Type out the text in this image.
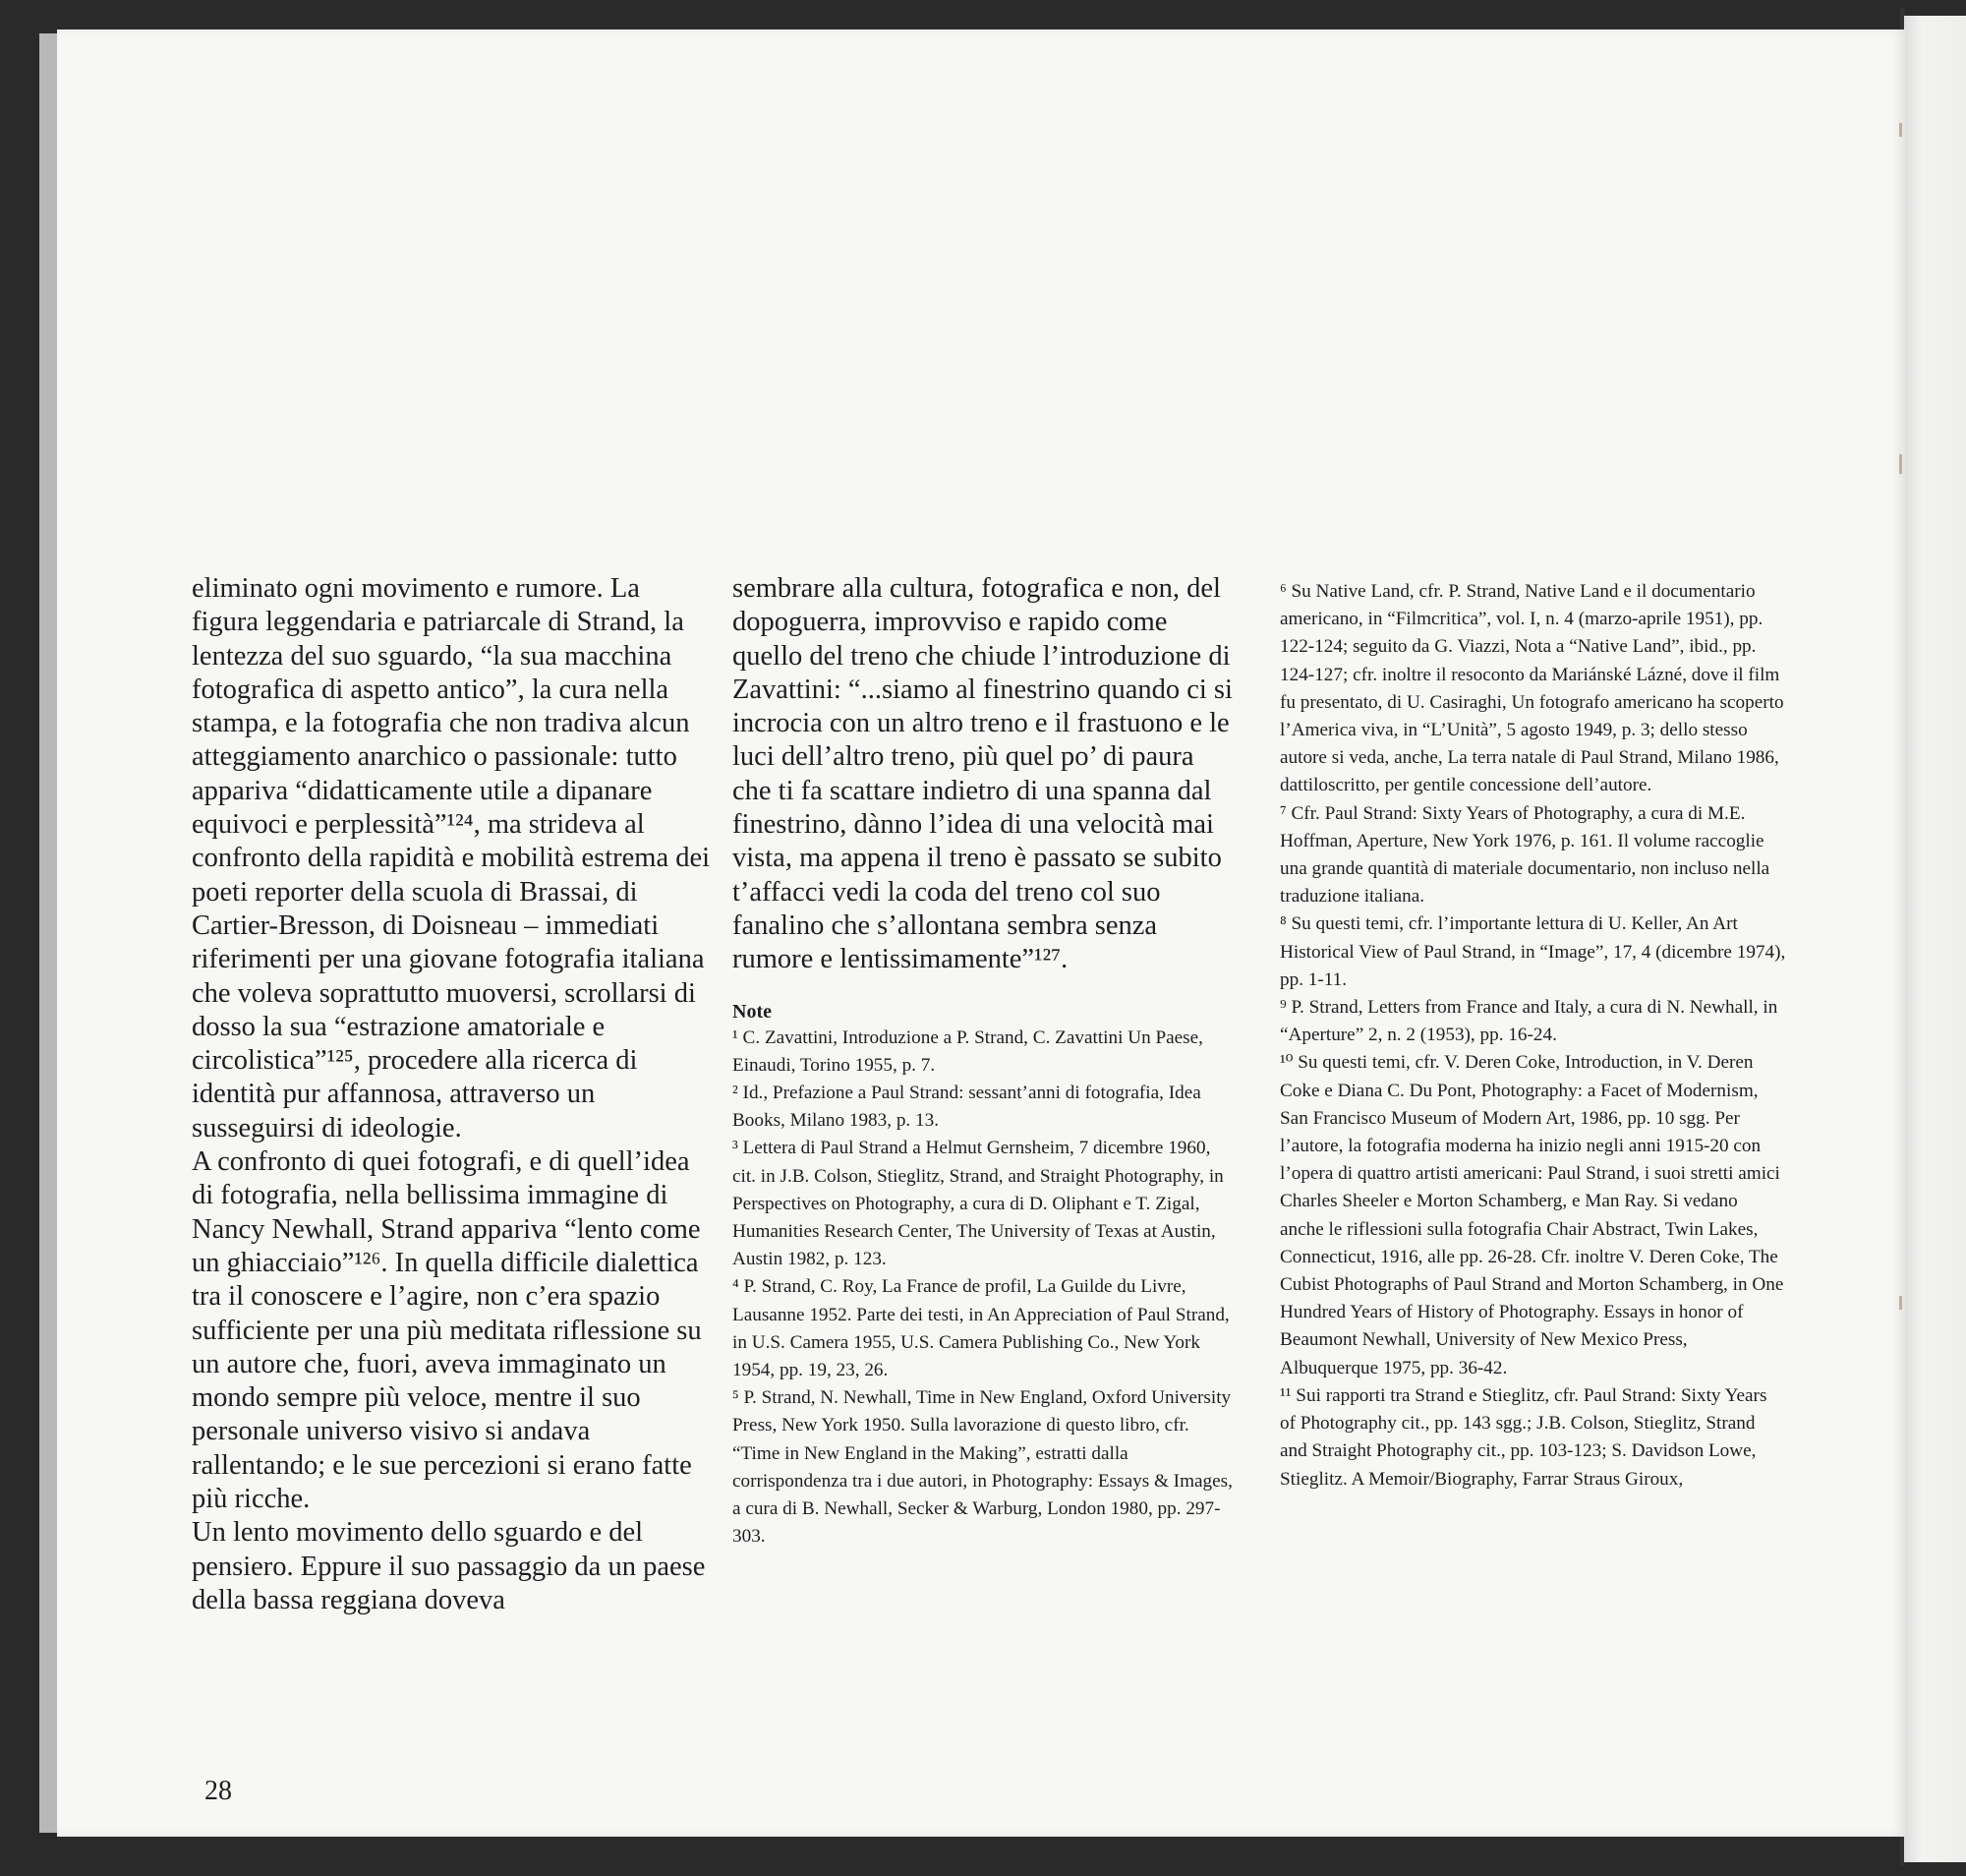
eliminato ogni movimento e rumore. La figura leggendaria e patriarcale di Strand, la lentezza del suo sguardo, “la sua macchina fotografica di aspetto antico”, la cura nella stampa, e la fotografia che non tradiva alcun atteggiamento anarchico o passionale: tutto appariva “didatticamente utile a dipanare equivoci e perplessità”¹²⁴, ma strideva al confronto della rapidità e mobilità estrema dei poeti reporter della scuola di Brassai, di Cartier-Bresson, di Doisneau – immediati riferimenti per una giovane fotografia italiana che voleva soprattutto muoversi, scrollarsi di dosso la sua “estrazione amatoriale e circolistica”¹²⁵, procedere alla ricerca di identità pur affannosa, attraverso un susseguirsi di ideologie.

A confronto di quei fotografi, e di quell’idea di fotografia, nella bellissima immagine di Nancy Newhall, Strand appariva “lento come un ghiacciaio”¹²⁶. In quella difficile dialettica tra il conoscere e l’agire, non c’era spazio sufficiente per una più meditata riflessione su un autore che, fuori, aveva immaginato un mondo sempre più veloce, mentre il suo personale universo visivo si andava rallentando; e le sue percezioni si erano fatte più ricche.

Un lento movimento dello sguardo e del pensiero. Eppure il suo passaggio da un paese della bassa reggiana doveva

sembrare alla cultura, fotografica e non, del dopoguerra, improvviso e rapido come quello del treno che chiude l’introduzione di Zavattini: “...siamo al finestrino quando ci si incrocia con un altro treno e il frastuono e le luci dell’altro treno, più quel po’ di paura che ti fa scattare indietro di una spanna dal finestrino, dànno l’idea di una velocità mai vista, ma appena il treno è passato se subito t’affacci vedi la coda del treno col suo fanalino che s’allontana sembra senza rumore e lentissimamente”¹²⁷.

Note

¹ C. Zavattini, Introduzione a P. Strand, C. Zavattini Un Paese, Einaudi, Torino 1955, p. 7.

² Id., Prefazione a Paul Strand: sessant’anni di fotografia, Idea Books, Milano 1983, p. 13.

³ Lettera di Paul Strand a Helmut Gernsheim, 7 dicembre 1960, cit. in J.B. Colson, Stieglitz, Strand, and Straight Photography, in Perspectives on Photography, a cura di D. Oliphant e T. Zigal, Humanities Research Center, The University of Texas at Austin, Austin 1982, p. 123.

⁴ P. Strand, C. Roy, La France de profil, La Guilde du Livre, Lausanne 1952. Parte dei testi, in An Appreciation of Paul Strand, in U.S. Camera 1955, U.S. Camera Publishing Co., New York 1954, pp. 19, 23, 26.

⁵ P. Strand, N. Newhall, Time in New England, Oxford University Press, New York 1950. Sulla lavorazione di questo libro, cfr. “Time in New England in the Making”, estratti dalla corrispondenza tra i due autori, in Photography: Essays & Images, a cura di B. Newhall, Secker & Warburg, London 1980, pp. 297-303.

⁶ Su Native Land, cfr. P. Strand, Native Land e il documentario americano, in “Filmcritica”, vol. I, n. 4 (marzo-aprile 1951), pp. 122-124; seguito da G. Viazzi, Nota a “Native Land”, ibid., pp. 124-127; cfr. inoltre il resoconto da Mariánské Lázné, dove il film fu presentato, di U. Casiraghi, Un fotografo americano ha scoperto l’America viva, in “L’Unità”, 5 agosto 1949, p. 3; dello stesso autore si veda, anche, La terra natale di Paul Strand, Milano 1986, dattiloscritto, per gentile concessione dell’autore.

⁷ Cfr. Paul Strand: Sixty Years of Photography, a cura di M.E. Hoffman, Aperture, New York 1976, p. 161. Il volume raccoglie una grande quantità di materiale documentario, non incluso nella traduzione italiana.

⁸ Su questi temi, cfr. l’importante lettura di U. Keller, An Art Historical View of Paul Strand, in “Image”, 17, 4 (dicembre 1974), pp. 1-11.

⁹ P. Strand, Letters from France and Italy, a cura di N. Newhall, in “Aperture” 2, n. 2 (1953), pp. 16-24.

¹⁰ Su questi temi, cfr. V. Deren Coke, Introduction, in V. Deren Coke e Diana C. Du Pont, Photography: a Facet of Modernism, San Francisco Museum of Modern Art, 1986, pp. 10 sgg. Per l’autore, la fotografia moderna ha inizio negli anni 1915-20 con l’opera di quattro artisti americani: Paul Strand, i suoi stretti amici Charles Sheeler e Morton Schamberg, e Man Ray. Si vedano anche le riflessioni sulla fotografia Chair Abstract, Twin Lakes, Connecticut, 1916, alle pp. 26-28. Cfr. inoltre V. Deren Coke, The Cubist Photographs of Paul Strand and Morton Schamberg, in One Hundred Years of History of Photography. Essays in honor of Beaumont Newhall, University of New Mexico Press, Albuquerque 1975, pp. 36-42.

¹¹ Sui rapporti tra Strand e Stieglitz, cfr. Paul Strand: Sixty Years of Photography cit., pp. 143 sgg.; J.B. Colson, Stieglitz, Strand and Straight Photography cit., pp. 103-123; S. Davidson Lowe, Stieglitz. A Memoir/Biography, Farrar Straus Giroux,

28
